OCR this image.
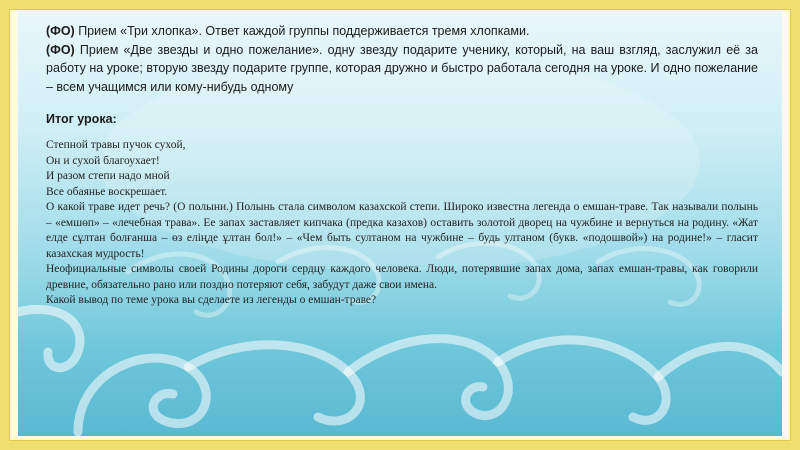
(ФО) Прием «Три хлопка». Ответ каждой группы поддерживается тремя хлопками.

(ФО) Прием «Две звезды и одно пожелание». одну звезду подарите ученику, который, на ваш взгляд, заслужил её за работу на уроке; вторую звезду подарите группе, которая дружно и быстро работала сегодня на уроке. И одно пожелание – всем учащимся или кому-нибудь одному

Итог урока:

Степной травы пучок сухой,

Он и сухой благоухает!

И разом степи надо мной

Все обаянье воскрешает.

О какой траве идет речь? (О полыни.) Полынь стала символом казахской степи. Широко известна легенда о емшан-траве. Так называли полынь – «емшөп» – «лечебная трава». Ее запах заставляет кипчака (предка казахов) оставить золотой дворец на чужбине и вернуться на родину. «Жат елде сұлтан болғанша – өз еліңде ұлтан бол!» – «Чем быть султаном на чужбине – будь ултаном (букв. «подошвой») на родине!» – гласит казахская мудрость!

Неофициальные символы своей Родины дороги сердцу каждого человека. Люди, потерявшие запах дома, запах емшан-травы, как говорили древние, обязательно рано или поздно потеряют себя, забудут даже свои имена.

Какой вывод по теме урока вы сделаете из легенды о емшан-траве?
